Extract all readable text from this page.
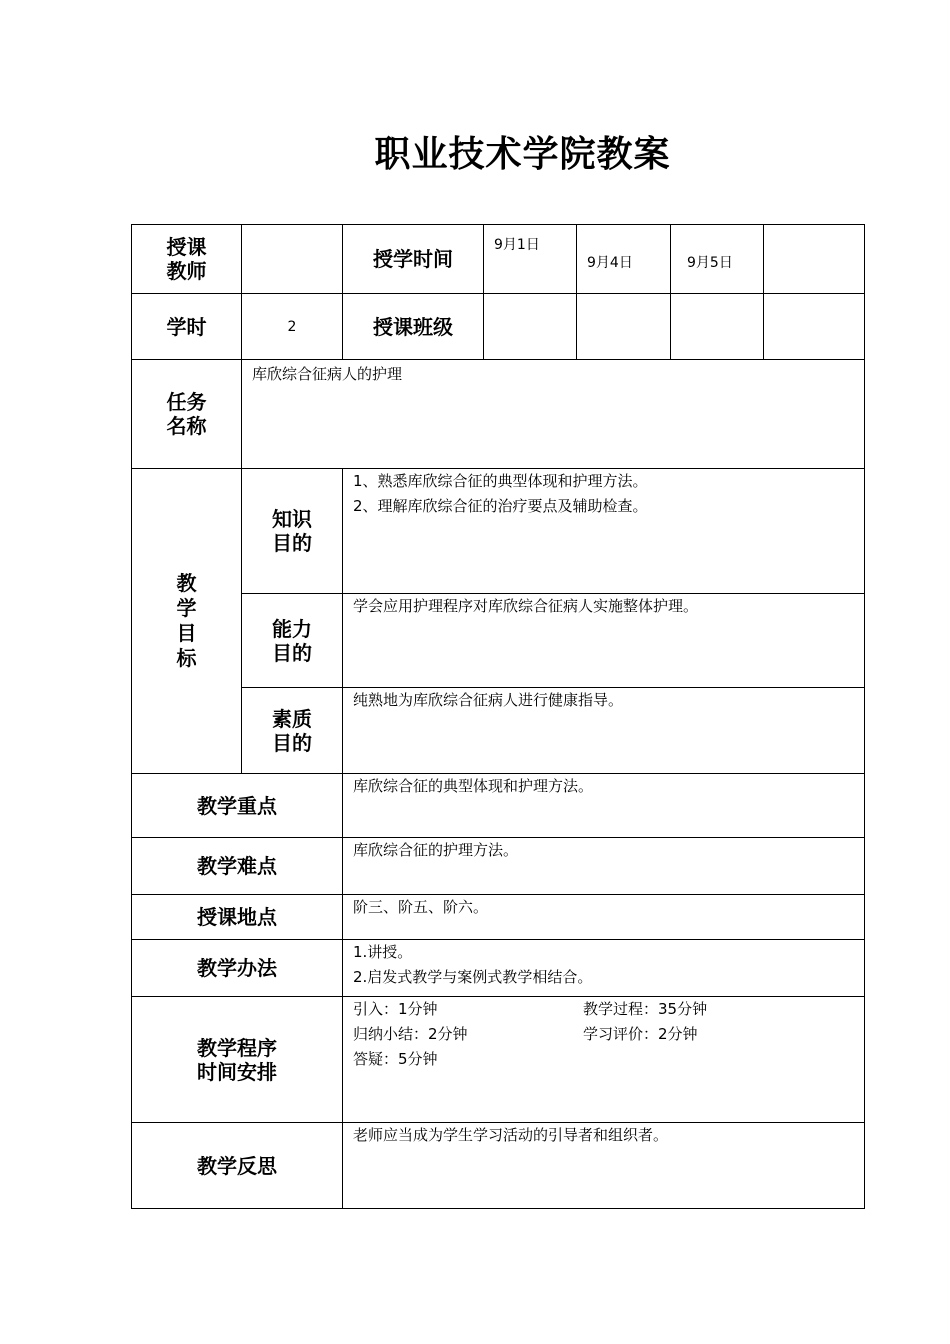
职业技术学院教案
授课
教师		授学时间	9月1日	9月4日	9月5日	
学时	2	授课班级				

任务
名称	库欣综合征病人的护理					

教
学
目
标	知识
目的	1、熟悉库欣综合征的典型体现和护理方法。
2、理解库欣综合征的治疗要点及辅助检查。				

	能力
目的	学会应用护理程序对库欣综合征病人实施整体护理。				

	素质
目的	纯熟地为库欣综合征病人进行健康指导。				
教学重点		库欣综合征的典型体现和护理方法。				
教学难点		库欣综合征的护理方法。				
授课地点		阶三、阶五、阶六。				
教学办法		1.讲授。
2.启发式教学与案例式教学相结合。				

教学程序
时间安排		引入：1分钟 教学过程：35分钟
归纳小结：2分钟 学习评价：2分钟
答疑：5分钟				

教学反思		老师应当成为学生学习活动的引导者和组织者。				
